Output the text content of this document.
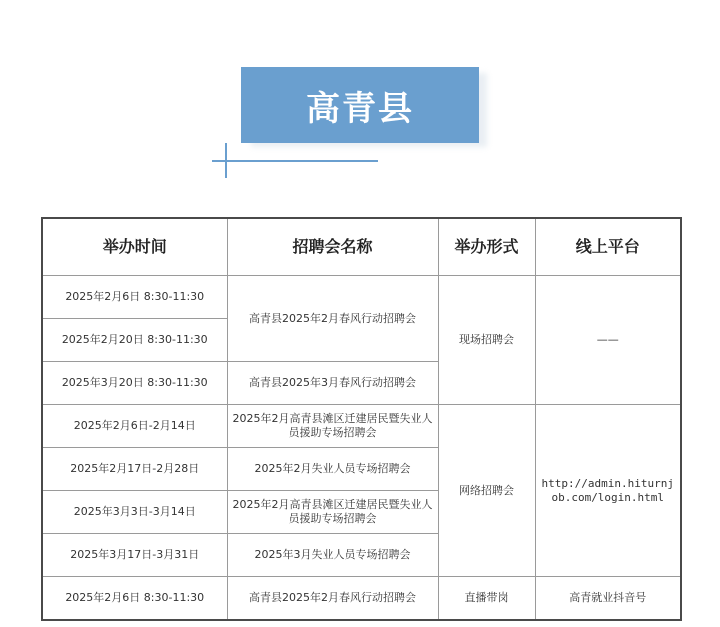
高青县
举办时间	招聘会名称	举办形式	线上平台
2025年2月6日 8:30-11:30	高青县2025年2月春风行动招聘会	现场招聘会	——
2025年2月20日 8:30-11:30			
2025年3月20日 8:30-11:30	高青县2025年3月春风行动招聘会		
2025年2月6日-2月14日	2025年2月高青县滩区迁建居民暨失业人员援助专场招聘会	网络招聘会	http://admin.hiturnjob.com/login.html
2025年2月17日-2月28日	2025年2月失业人员专场招聘会		
2025年3月3日-3月14日	2025年2月高青县滩区迁建居民暨失业人员援助专场招聘会		
2025年3月17日-3月31日	2025年3月失业人员专场招聘会		
2025年2月6日 8:30-11:30	高青县2025年2月春风行动招聘会	直播带岗	高青就业抖音号
